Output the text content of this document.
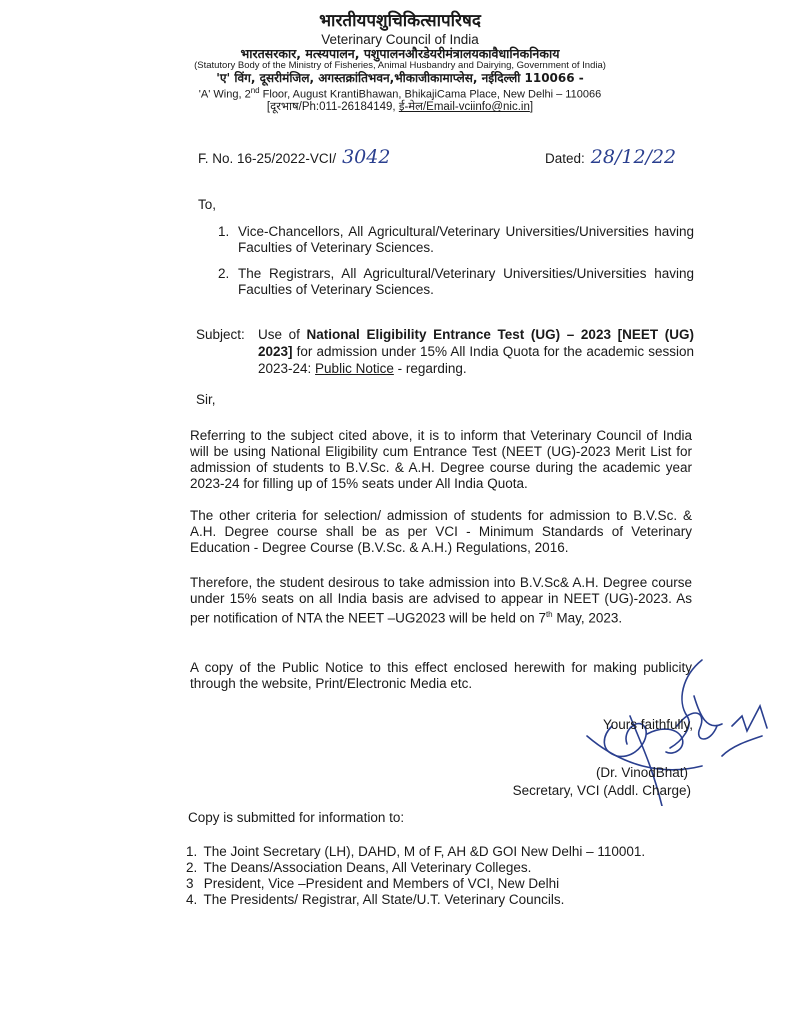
भारतीयपशुचिकित्सापरिषद
Veterinary Council of India
भारतसरकार, मत्स्यपालन, पशुपालनऔरडेयरीमंत्रालयकावैधानिकनिकाय
(Statutory Body of the Ministry of Fisheries, Animal Husbandry and Dairying, Government of India)
'ए' विंग, दूसरीमंजिल, अगस्तक्रांतिभवन,भीकाजीकामाप्लेस, नईदिल्ली 110066 -
'A' Wing, 2nd Floor, August KrantiBhawan, BhikajiCama Place, New Delhi – 110066
[दूरभाष/Ph:011-26184149, ई-मेल/Email-vciinfo@nic.in]
F. No. 16-25/2022-VCI/ 3042	Dated: 28/12/22
To,
1. Vice-Chancellors, All Agricultural/Veterinary Universities/Universities having Faculties of Veterinary Sciences.
2. The Registrars, All Agricultural/Veterinary Universities/Universities having Faculties of Veterinary Sciences.
Subject: Use of National Eligibility Entrance Test (UG) – 2023 [NEET (UG) 2023] for admission under 15% All India Quota for the academic session 2023-24: Public Notice - regarding.
Sir,
Referring to the subject cited above, it is to inform that Veterinary Council of India will be using National Eligibility cum Entrance Test (NEET (UG)-2023 Merit List for admission of students to B.V.Sc. & A.H. Degree course during the academic year 2023-24 for filling up of 15% seats under All India Quota.
The other criteria for selection/ admission of students for admission to B.V.Sc. & A.H. Degree course shall be as per VCI - Minimum Standards of Veterinary Education - Degree Course (B.V.Sc. & A.H.) Regulations, 2016.
Therefore, the student desirous to take admission into B.V.Sc& A.H. Degree course under 15% seats on all India basis are advised to appear in NEET (UG)-2023. As per notification of NTA the NEET –UG2023 will be held on 7th May, 2023.
A copy of the Public Notice to this effect enclosed herewith for making publicity through the website, Print/Electronic Media etc.
Yours faithfully,
(Dr. VinodBhat)
Secretary, VCI (Addl. Charge)
Copy is submitted for information to:
1. The Joint Secretary (LH), DAHD, M of F, AH &D GOI New Delhi – 110001.
2. The Deans/Association Deans, All Veterinary Colleges.
3 President, Vice –President and Members of VCI, New Delhi
4. The Presidents/ Registrar, All State/U.T. Veterinary Councils.
